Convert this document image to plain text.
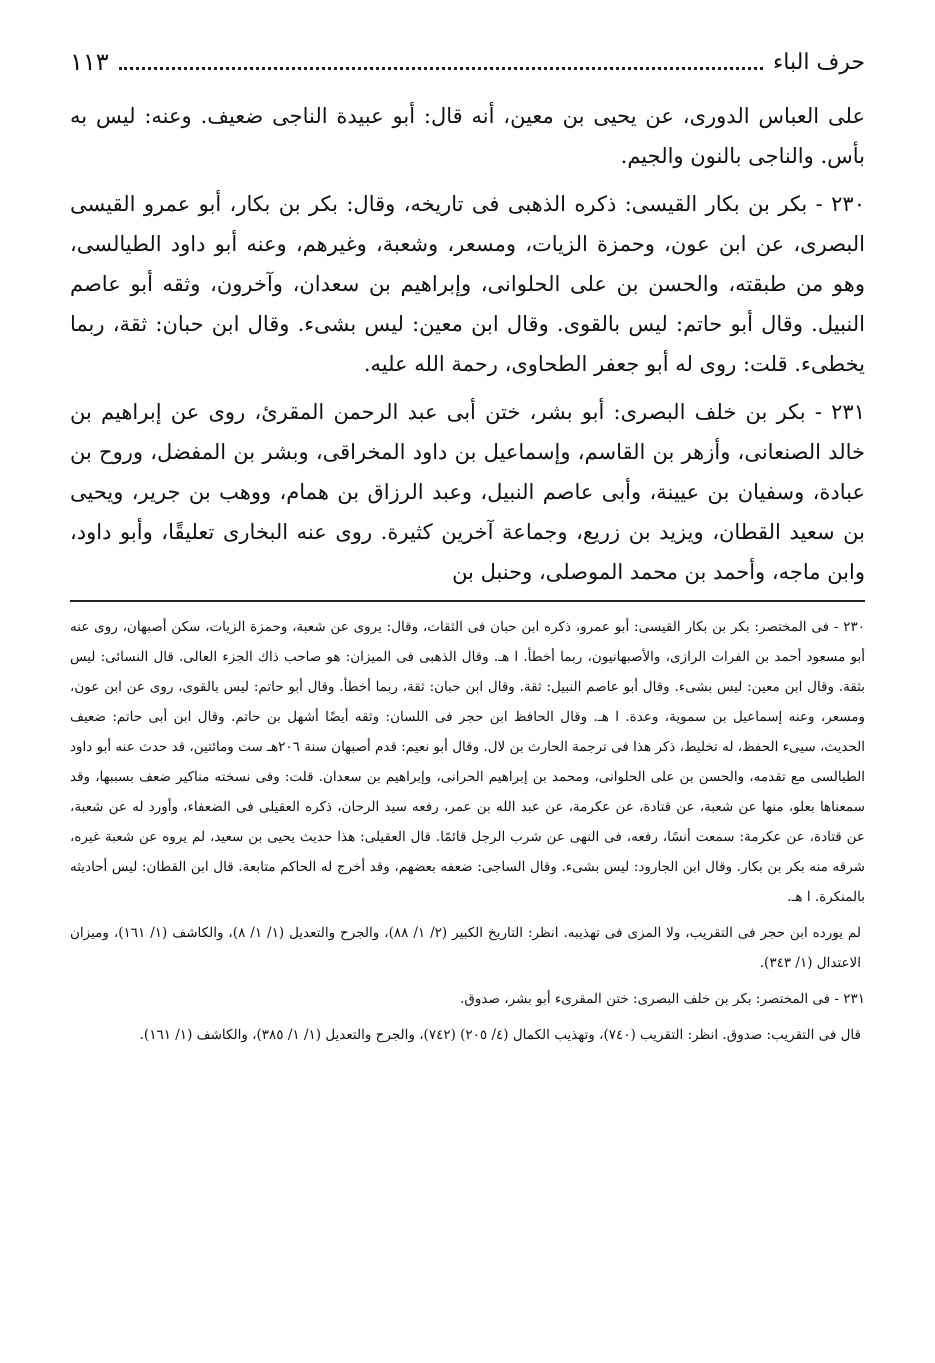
حرف الباء
١١٣

على العباس الدورى، عن يحيى بن معين، أنه قال: أبو عبيدة الناجى ضعيف. وعنه: ليس به بأس. والناجى بالنون والجيم.

٢٣٠ - بكر بن بكار القيسى: ذكره الذهبى فى تاريخه، وقال: بكر بن بكار، أبو عمرو القيسى البصرى، عن ابن عون، وحمزة الزيات، ومسعر، وشعبة، وغيرهم، وعنه أبو داود الطيالسى، وهو من طبقته، والحسن بن على الحلوانى، وإبراهيم بن سعدان، وآخرون، وثقه أبو عاصم النبيل. وقال أبو حاتم: ليس بالقوى. وقال ابن معين: ليس بشىء. وقال ابن حبان: ثقة، ربما يخطىء. قلت: روى له أبو جعفر الطحاوى، رحمة الله عليه.

٢٣١ - بكر بن خلف البصرى: أبو بشر، ختن أبى عبد الرحمن المقرئ، روى عن إبراهيم بن خالد الصنعانى، وأزهر بن القاسم، وإسماعيل بن داود المخراقى، وبشر بن المفضل، وروح بن عبادة، وسفيان بن عيينة، وأبى عاصم النبيل، وعبد الرزاق بن همام، ووهب بن جرير، ويحيى بن سعيد القطان، ويزيد بن زريع، وجماعة آخرين كثيرة. روى عنه البخارى تعليقًا، وأبو داود، وابن ماجه، وأحمد بن محمد الموصلى، وحنبل بن

٢٣٠ - فى المختصر: بكر بن بكار القيسى: أبو عمرو، ذكره ابن حبان فى الثقات، وقال: يروى عن شعبة، وحمزة الزيات، سكن أصبهان، روى عنه أبو مسعود أحمد بن الفرات الرازى، والأصبهانيون، ربما أخطأ. ا هـ. وقال الذهبى فى الميزان: هو صاحب ذاك الجزء العالى. قال النسائى: ليس بثقة. وقال ابن معين: ليس بشىء. وقال أبو عاصم النبيل: ثقة. وقال ابن حبان: ثقة، ربما أخطأ. وقال أبو حاتم: ليس بالقوى، روى عن ابن عون، ومسعر، وعنه إسماعيل بن سموية، وعدة. ا هـ. وقال الحافظ ابن حجر فى اللسان: وثقه أيضًا أشهل بن حاتم. وقال ابن أبى حاتم: ضعيف الحديث، سيىء الحفظ، له تخليط، ذكر هذا فى ترجمة الحارث بن لال. وقال أبو نعيم: قدم أصبهان سنة ٢٠٦هـ ست ومائتين، قد حدث عنه أبو داود الطيالسى مع تقدمه، والحسن بن على الحلوانى، ومحمد بن إبراهيم الحرانى، وإبراهيم بن سعدان. قلت: وفى نسخته مناكير ضعف بسببها، وقد سمعناها بعلو، منها عن شعبة، عن قتادة، عن عكرمة، عن عبد الله بن عمر، رفعه سيد الرحان، ذكره العقيلى فى الضعفاء، وأورد له عن شعبة، عن قتادة، عن عكرمة: سمعت أنسًا، رفعه، فى النهى عن شرب الرجل قائمًا. قال العقيلى: هذا حديث يحيى بن سعيد، لم يروه عن شعبة غيره، شرقه منه بكر بن بكار. وقال ابن الجارود: ليس بشىء. وقال الساجى: ضعفه بعضهم، وقد أخرج له الحاكم متابعة. قال ابن القطان: ليس أحاديثه بالمنكرة. ا هـ.

لم يورده ابن حجر فى التقريب، ولا المزى فى تهذيبه. انظر: التاريخ الكبير (٢/ ١/ ٨٨)، والجرح والتعديل (١/ ١/ ٨)، والكاشف (١/ ١٦١)، وميزان الاعتدال (١/ ٣٤٣).

٢٣١ - فى المختصر: بكر بن خلف البصرى: ختن المقرىء أبو بشر، صدوق.

قال فى التقريب: صدوق. انظر: التقريب (٧٤٠)، وتهذيب الكمال (٤/ ٢٠٥) (٧٤٢)، والجرح والتعديل (١/ ١/ ٣٨٥)، والكاشف (١/ ١٦١).
